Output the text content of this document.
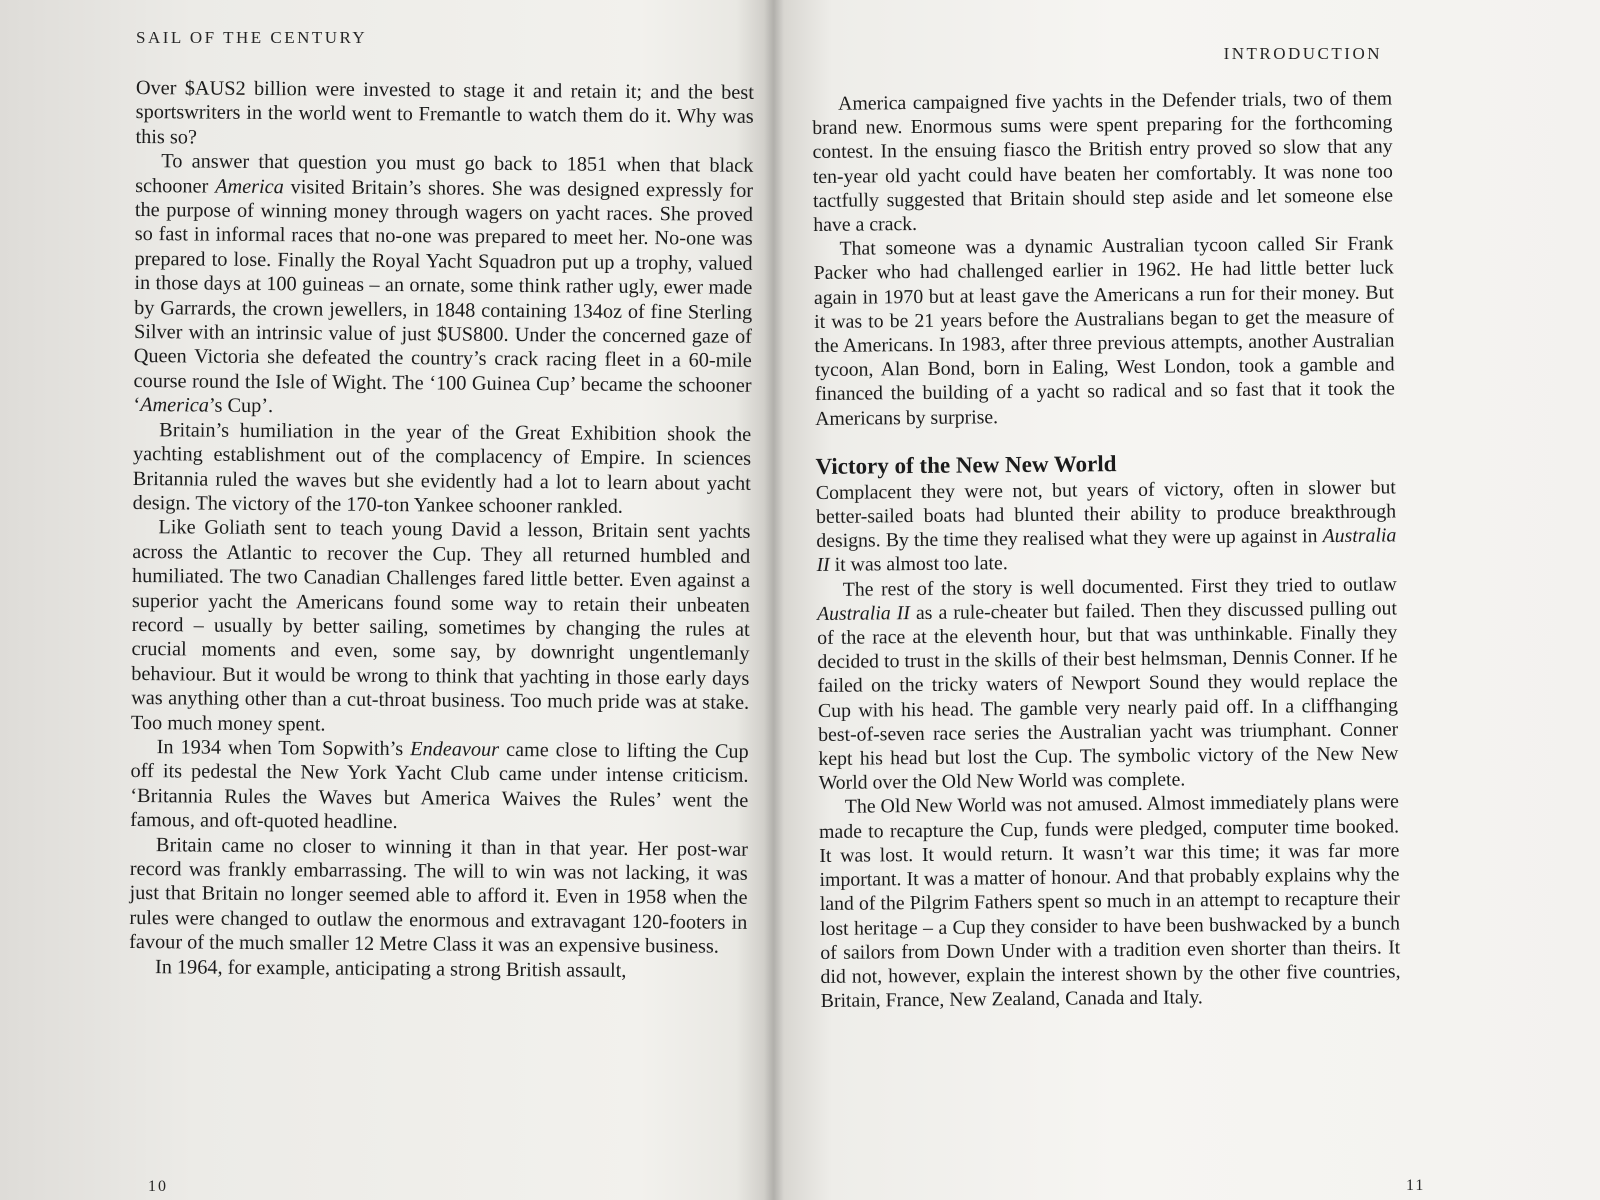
SAIL OF THE CENTURY

Over $AUS2 billion were invested to stage it and retain it; and the best sportswriters in the world went to Fremantle to watch them do it. Why was this so?

To answer that question you must go back to 1851 when that black schooner America visited Britain’s shores. She was designed expressly for the purpose of winning money through wagers on yacht races. She proved so fast in informal races that no-one was prepared to meet her. No-one was prepared to lose. Finally the Royal Yacht Squadron put up a trophy, valued in those days at 100 guineas – an ornate, some think rather ugly, ewer made by Garrards, the crown jewellers, in 1848 containing 134oz of fine Sterling Silver with an intrinsic value of just $US800. Under the concerned gaze of Queen Victoria she defeated the country’s crack racing fleet in a 60-mile course round the Isle of Wight. The ‘100 Guinea Cup’ became the schooner ‘America’s Cup’.

Britain’s humiliation in the year of the Great Exhibition shook the yachting establishment out of the complacency of Empire. In sciences Britannia ruled the waves but she evidently had a lot to learn about yacht design. The victory of the 170-ton Yankee schooner rankled.

Like Goliath sent to teach young David a lesson, Britain sent yachts across the Atlantic to recover the Cup. They all returned humbled and humiliated. The two Canadian Challenges fared little better. Even against a superior yacht the Americans found some way to retain their unbeaten record – usually by better sailing, sometimes by changing the rules at crucial moments and even, some say, by downright ungentlemanly behaviour. But it would be wrong to think that yachting in those early days was anything other than a cut-throat business. Too much pride was at stake. Too much money spent.

In 1934 when Tom Sopwith’s Endeavour came close to lifting the Cup off its pedestal the New York Yacht Club came under intense criticism. ‘Britannia Rules the Waves but America Waives the Rules’ went the famous, and oft-quoted headline.

Britain came no closer to winning it than in that year. Her post-war record was frankly embarrassing. The will to win was not lacking, it was just that Britain no longer seemed able to afford it. Even in 1958 when the rules were changed to outlaw the enormous and extravagant 120-footers in favour of the much smaller 12 Metre Class it was an expensive business.

In 1964, for example, anticipating a strong British assault,

10
INTRODUCTION

America campaigned five yachts in the Defender trials, two of them brand new. Enormous sums were spent preparing for the forthcoming contest. In the ensuing fiasco the British entry proved so slow that any ten-year old yacht could have beaten her comfortably. It was none too tactfully suggested that Britain should step aside and let someone else have a crack.

That someone was a dynamic Australian tycoon called Sir Frank Packer who had challenged earlier in 1962. He had little better luck again in 1970 but at least gave the Americans a run for their money. But it was to be 21 years before the Australians began to get the measure of the Americans. In 1983, after three previous attempts, another Australian tycoon, Alan Bond, born in Ealing, West London, took a gamble and financed the building of a yacht so radical and so fast that it took the Americans by surprise.

Victory of the New New World

Complacent they were not, but years of victory, often in slower but better-sailed boats had blunted their ability to produce breakthrough designs. By the time they realised what they were up against in Australia II it was almost too late.

The rest of the story is well documented. First they tried to outlaw Australia II as a rule-cheater but failed. Then they discussed pulling out of the race at the eleventh hour, but that was unthinkable. Finally they decided to trust in the skills of their best helmsman, Dennis Conner. If he failed on the tricky waters of Newport Sound they would replace the Cup with his head. The gamble very nearly paid off. In a cliffhanging best-of-seven race series the Australian yacht was triumphant. Conner kept his head but lost the Cup. The symbolic victory of the New New World over the Old New World was complete.

The Old New World was not amused. Almost immediately plans were made to recapture the Cup, funds were pledged, computer time booked. It was lost. It would return. It wasn’t war this time; it was far more important. It was a matter of honour. And that probably explains why the land of the Pilgrim Fathers spent so much in an attempt to recapture their lost heritage – a Cup they consider to have been bushwacked by a bunch of sailors from Down Under with a tradition even shorter than theirs. It did not, however, explain the interest shown by the other five countries, Britain, France, New Zealand, Canada and Italy.

11
